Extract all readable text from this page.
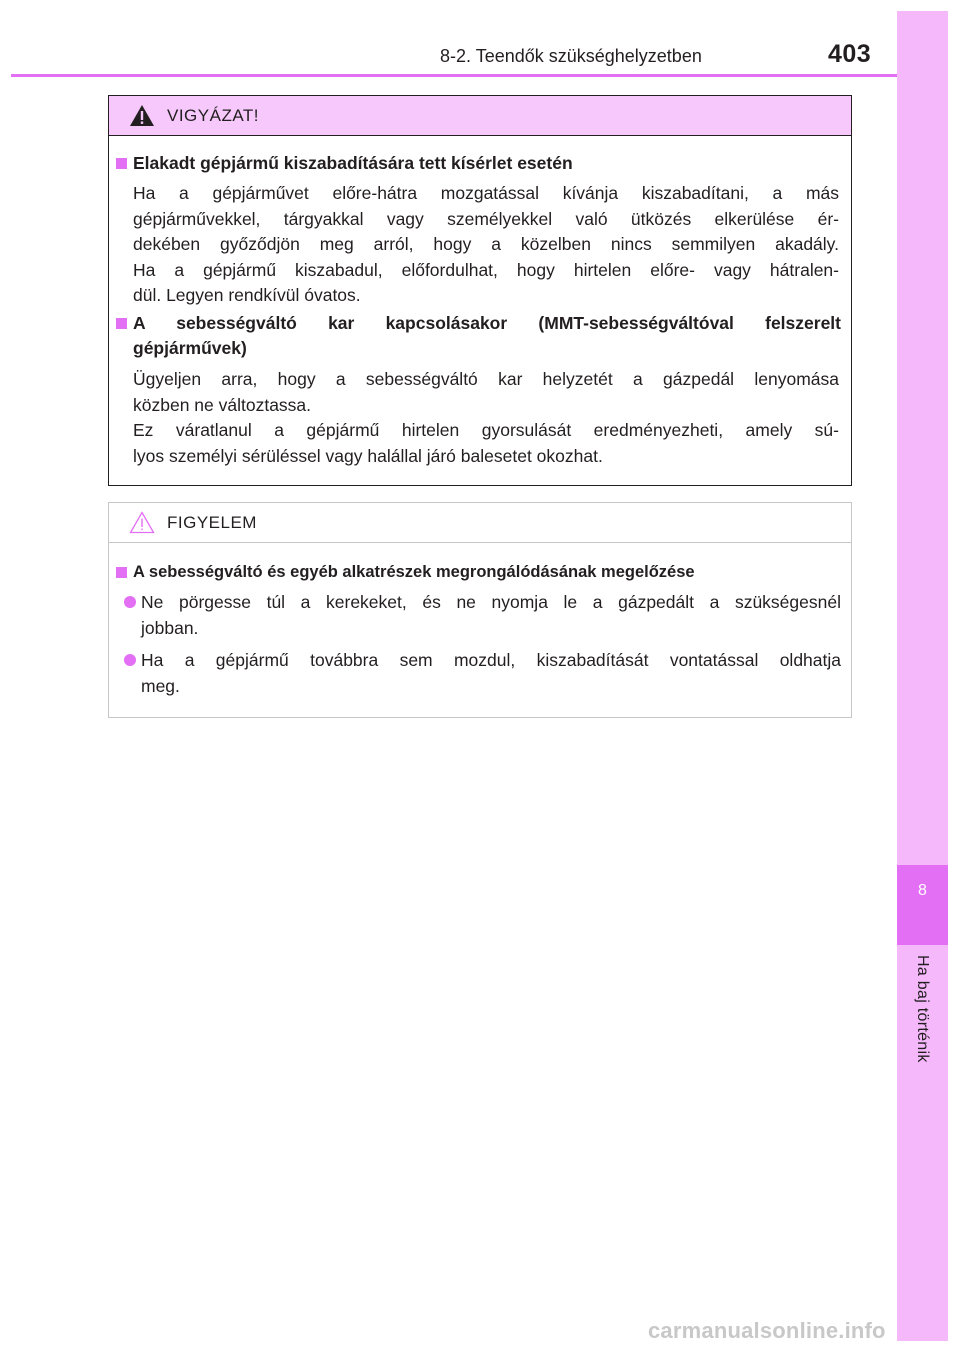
8
Ha baj történik
8-2. Teendők szükséghelyzetben	403
VIGYÁZAT!
Elakadt gépjármű kiszabadítására tett kísérlet esetén
Ha a gépjárművet előre-hátra mozgatással kívánja kiszabadítani, a más
gépjárművekkel, tárgyakkal vagy személyekkel való ütközés elkerülése ér-
dekében győződjön meg arról, hogy a közelben nincs semmilyen akadály.
Ha a gépjármű kiszabadul, előfordulhat, hogy hirtelen előre- vagy hátralen-
dül. Legyen rendkívül óvatos.
A sebességváltó kar kapcsolásakor (MMT-sebességváltóval felszerelt
gépjárművek)
Ügyeljen arra, hogy a sebességváltó kar helyzetét a gázpedál lenyomása
közben ne változtassa.
Ez váratlanul a gépjármű hirtelen gyorsulását eredményezheti, amely sú-
lyos személyi sérüléssel vagy halállal járó balesetet okozhat.
FIGYELEM
A sebességváltó és egyéb alkatrészek megrongálódásának megelőzése
Ne pörgesse túl a kerekeket, és ne nyomja le a gázpedált a szükségesnél
jobban.
Ha a gépjármű továbbra sem mozdul, kiszabadítását vontatással oldhatja
meg.
carmanualsonline.info
